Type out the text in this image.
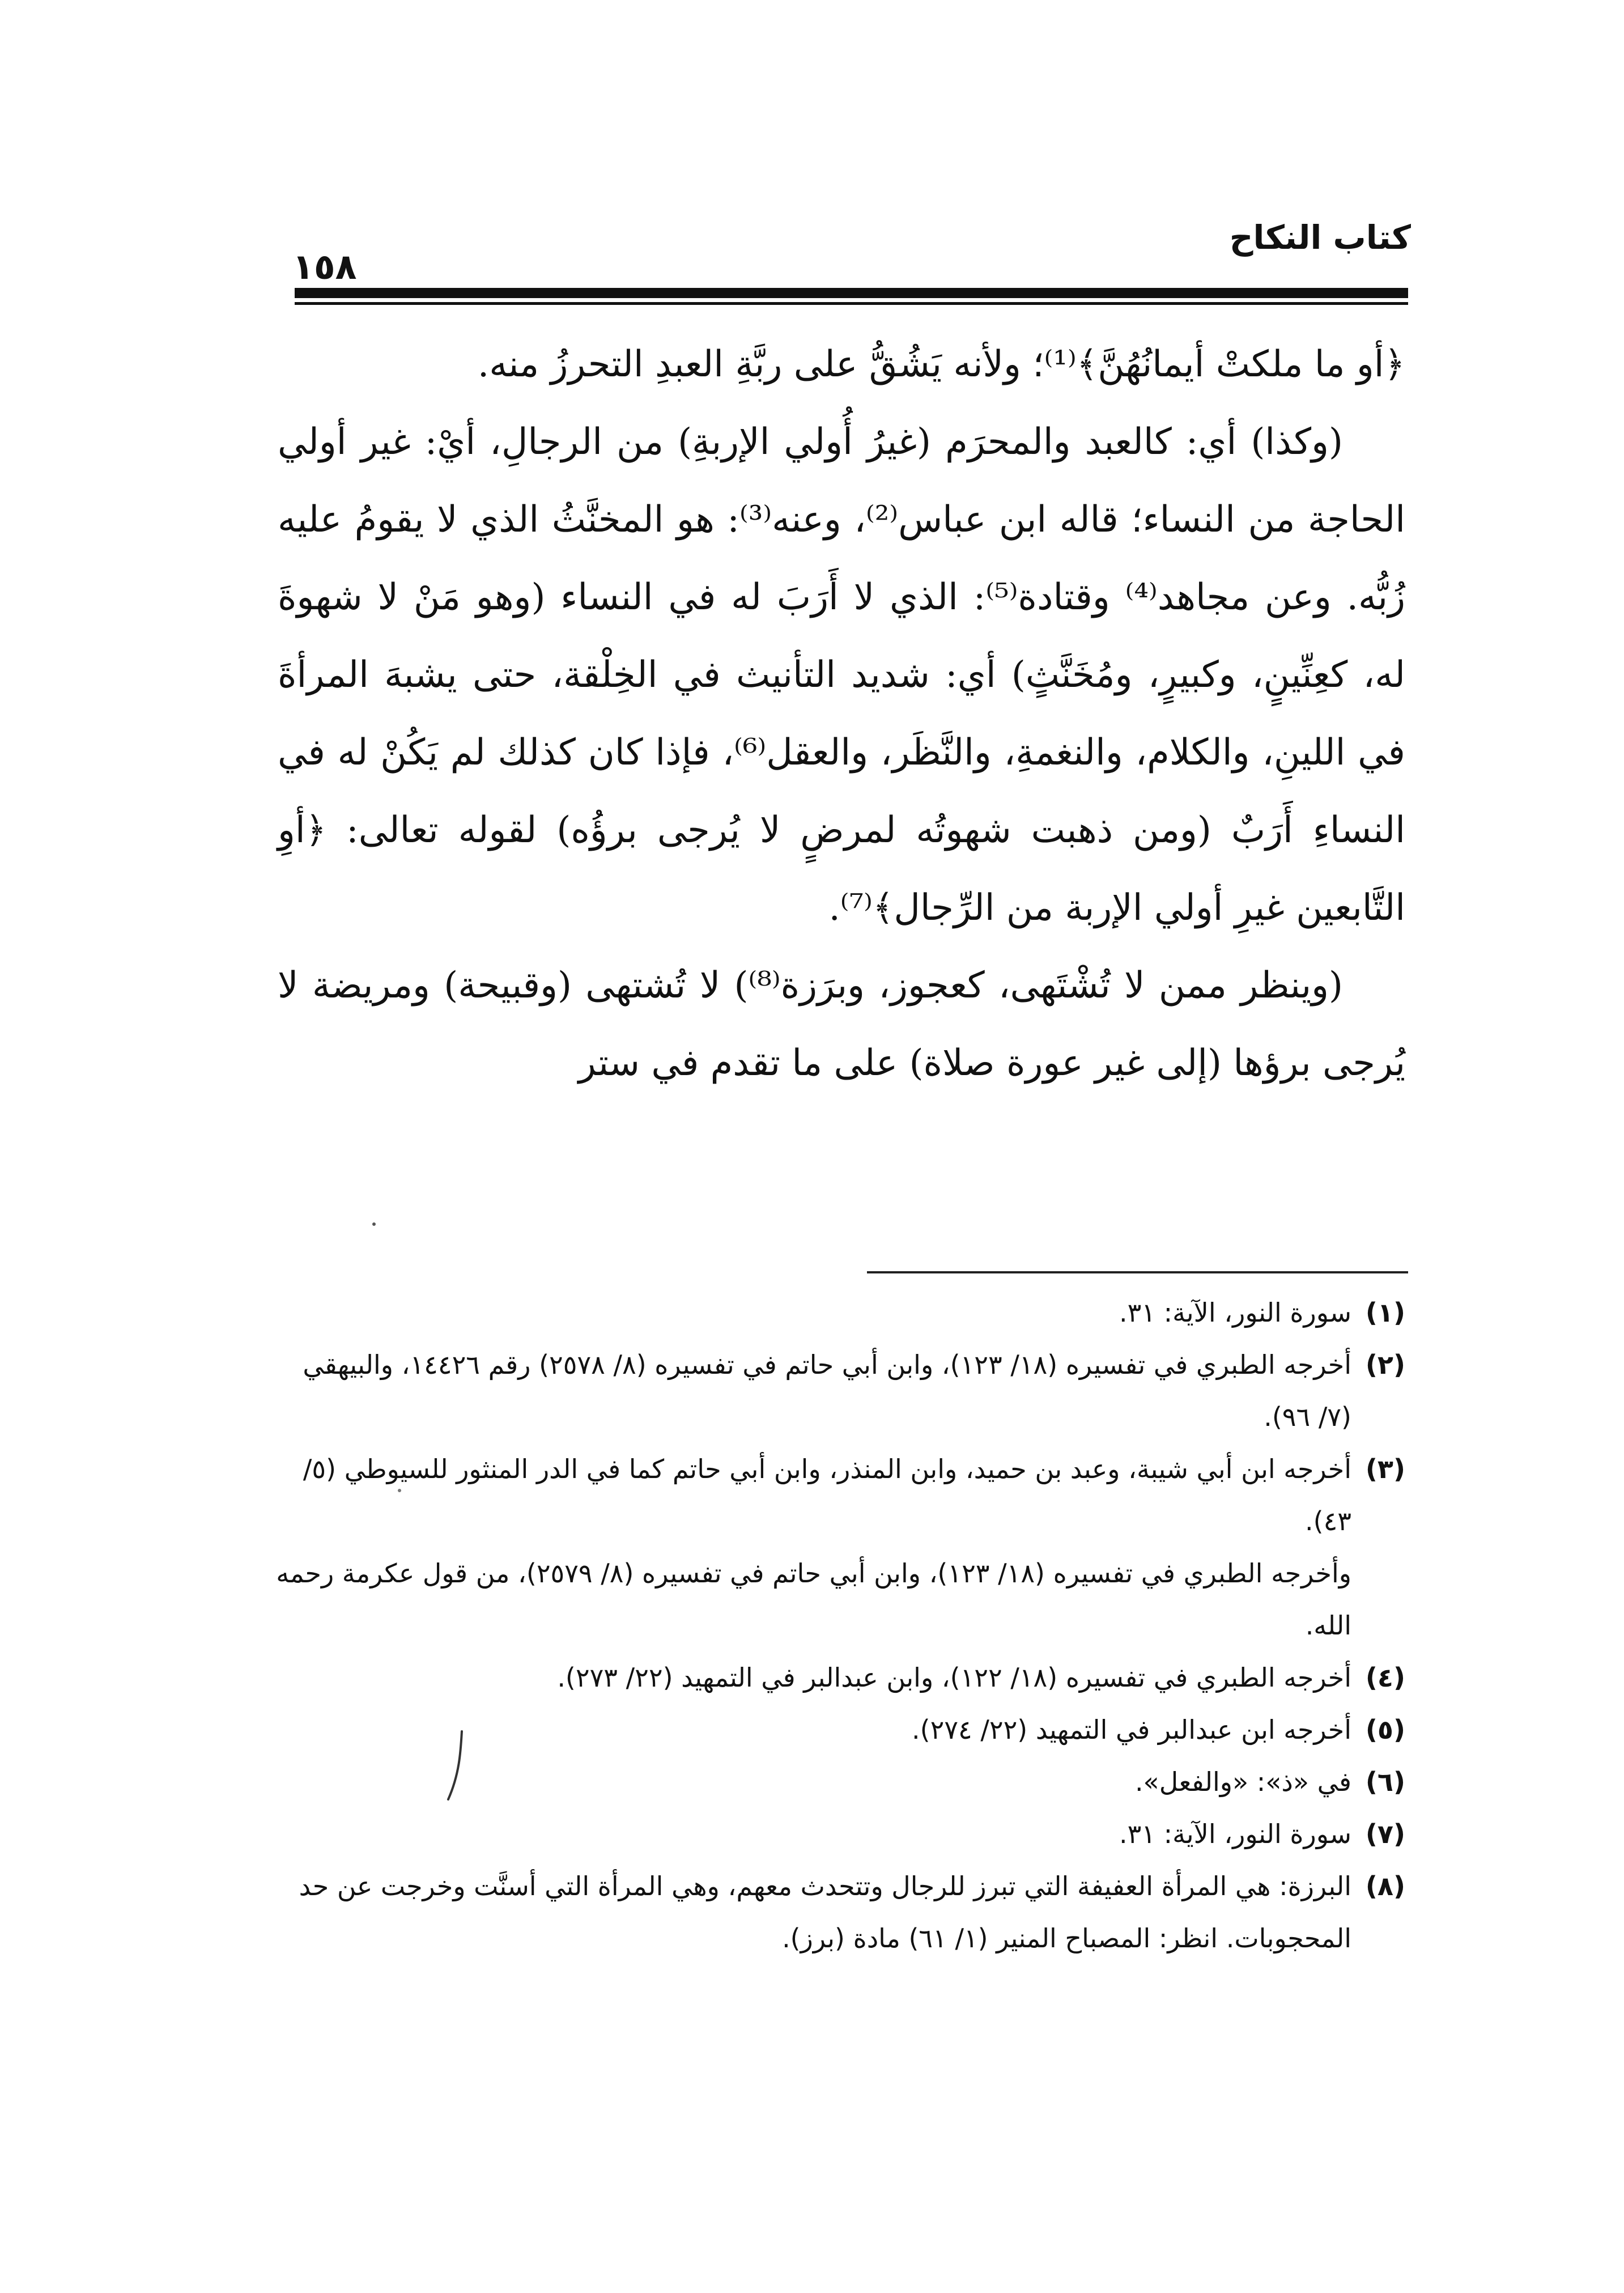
كتاب النكاح
١٥٨

﴿أو ما ملكتْ أيمانُهُنَّ﴾⁽¹⁾؛ ولأنه يَشُقُّ على ربَّةِ العبدِ التحرزُ منه.

(وكذا) أي: كالعبد والمحرَم (غيرُ أُولي الإربةِ) من الرجالِ، أيْ: غير أولي الحاجة من النساء؛ قاله ابن عباس⁽²⁾، وعنه⁽³⁾: هو المخنَّثُ الذي لا يقومُ عليه زُبُّه. وعن مجاهد⁽⁴⁾ وقتادة⁽⁵⁾: الذي لا أَرَبَ له في النساء (وهو مَنْ لا شهوةَ له، كعِنِّينٍ، وكبيرٍ، ومُخَنَّثٍ) أي: شديد التأنيث في الخِلْقة، حتى يشبهَ المرأةَ في اللينِ، والكلام، والنغمةِ، والنَّظَر، والعقل⁽⁶⁾، فإذا كان كذلك لم يَكُنْ له في النساءِ أَرَبٌ (ومن ذهبت شهوتُه لمرضٍ لا يُرجى برؤُه) لقوله تعالى: ﴿أوِ التَّابعين غيرِ أولي الإربة من الرِّجال﴾⁽⁷⁾.

(وينظر ممن لا تُشْتَهى، كعجوز، وبرَزة⁽⁸⁾) لا تُشتهى (وقبيحة) ومريضة لا يُرجى برؤها (إلى غير عورة صلاة) على ما تقدم في ستر

(١)
سورة النور، الآية: ٣١.
(٢)
أخرجه الطبري في تفسيره (١٨/ ١٢٣)، وابن أبي حاتم في تفسيره (٨/ ٢٥٧٨) رقم ١٤٤٢٦، والبيهقي (٧/ ٩٦).
(٣)
أخرجه ابن أبي شيبة، وعبد بن حميد، وابن المنذر، وابن أبي حاتم كما في الدر المنثور للسيوطي (٥/ ٤٣).
وأخرجه الطبري في تفسيره (١٨/ ١٢٣)، وابن أبي حاتم في تفسيره (٨/ ٢٥٧٩)، من قول عكرمة رحمه الله.
(٤)
أخرجه الطبري في تفسيره (١٨/ ١٢٢)، وابن عبدالبر في التمهيد (٢٢/ ٢٧٣).
(٥)
أخرجه ابن عبدالبر في التمهيد (٢٢/ ٢٧٤).
(٦)
في «ذ»: «والفعل».
(٧)
سورة النور، الآية: ٣١.
(٨)
البرزة: هي المرأة العفيفة التي تبرز للرجال وتتحدث معهم، وهي المرأة التي أسنَّت وخرجت عن حد المحجوبات. انظر: المصباح المنير (١/ ٦١) مادة (برز).
